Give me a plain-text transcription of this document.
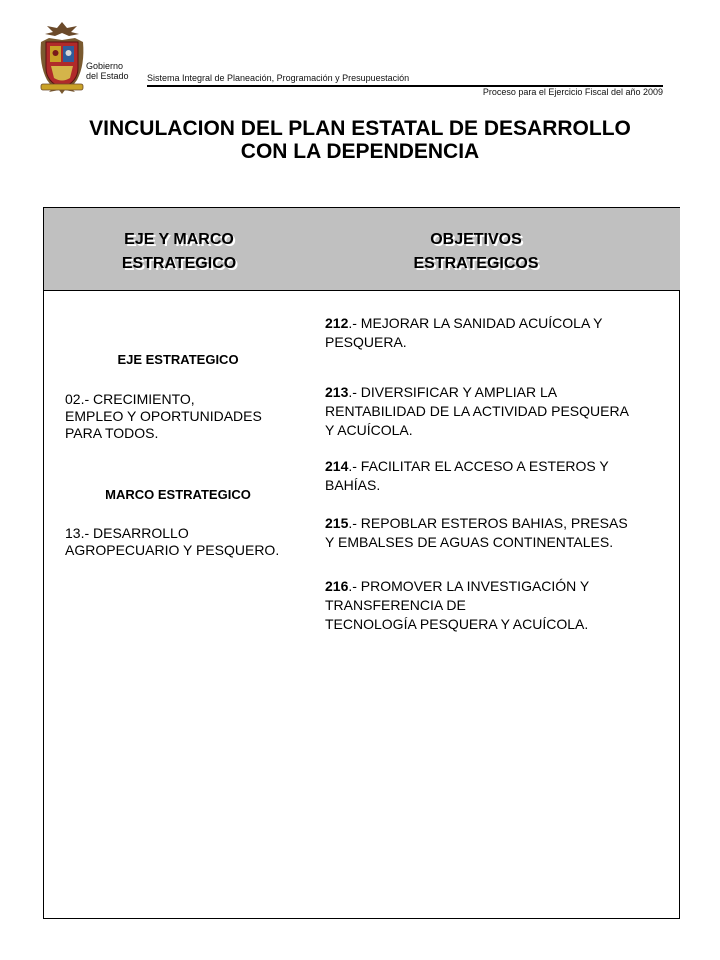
Gobierno
del Estado Sistema Integral de Planeación, Programación y Presupuestación
Proceso para el Ejercicio Fiscal del año 2009
VINCULACION DEL PLAN ESTATAL DE DESARROLLO
CON LA DEPENDENCIA
EJE Y MARCO
ESTRATEGICO
OBJETIVOS
ESTRATEGICOS
EJE ESTRATEGICO
02.- CRECIMIENTO,
EMPLEO Y OPORTUNIDADES
PARA TODOS.
MARCO ESTRATEGICO
13.- DESARROLLO
AGROPECUARIO Y PESQUERO.
212.- MEJORAR LA SANIDAD ACUÍCOLA Y
PESQUERA.
213.- DIVERSIFICAR Y AMPLIAR LA
RENTABILIDAD DE LA ACTIVIDAD PESQUERA
Y ACUÍCOLA.
214.- FACILITAR EL ACCESO A ESTEROS Y
BAHÍAS.
215.- REPOBLAR ESTEROS BAHIAS, PRESAS
Y EMBALSES DE AGUAS CONTINENTALES.
216.- PROMOVER LA INVESTIGACIÓN Y
TRANSFERENCIA DE
TECNOLOGÍA PESQUERA Y ACUÍCOLA.
